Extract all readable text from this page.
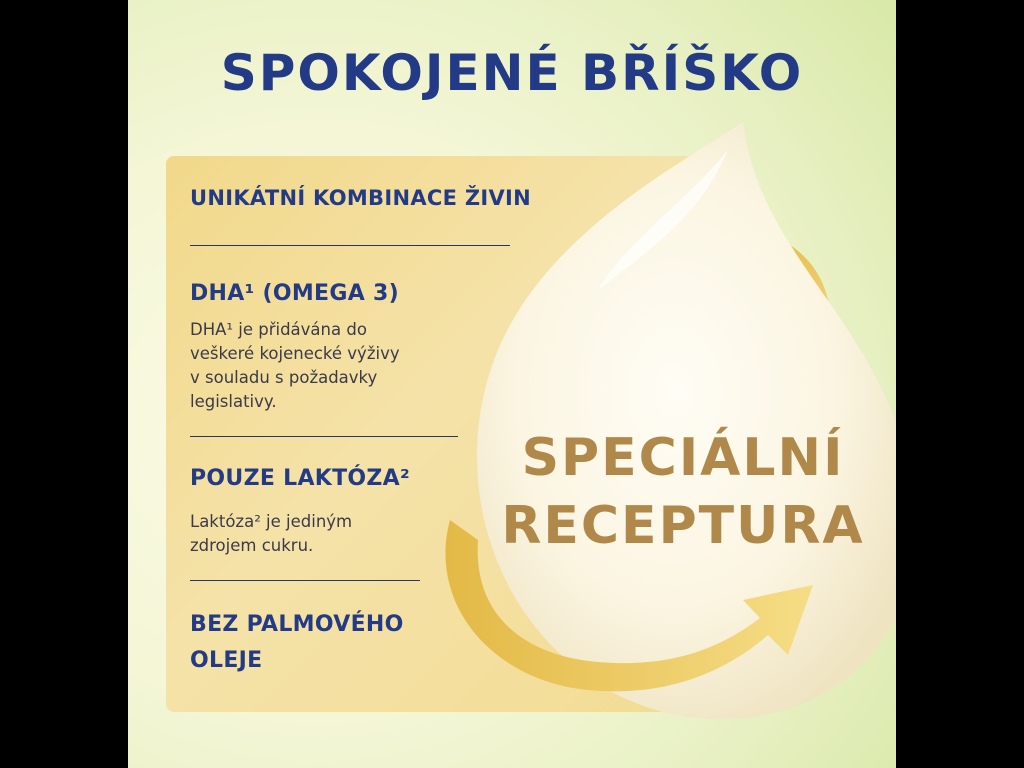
SPOKOJENÉ BŘÍŠKO
UNIKÁTNÍ KOMBINACE ŽIVIN
DHA¹ (OMEGA 3)
DHA¹ je přidávána do
veškeré kojenecké výživy
v souladu s požadavky
legislativy.
POUZE LAKTÓZA²
Laktóza² je jediným
zdrojem cukru.
BEZ PALMOVÉHO
OLEJE
SPECIÁLNÍ
RECEPTURA
